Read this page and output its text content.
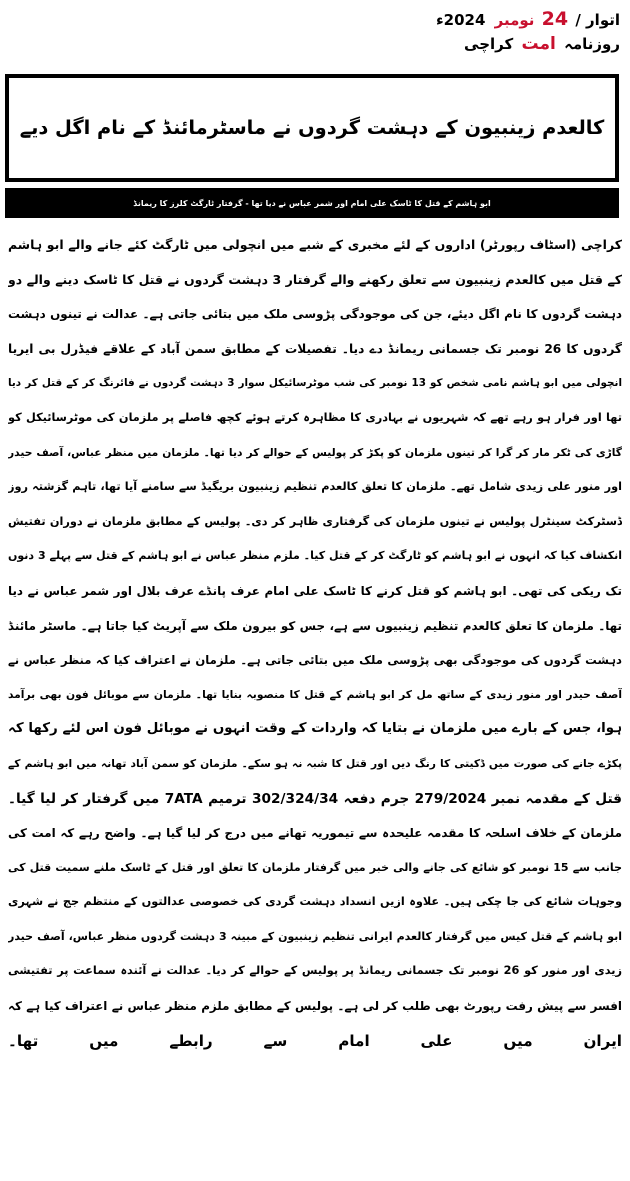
اتوار / 24 نومبر 2024ء
روزنامہ امت کراچی
کالعدم زینبیون کے دہشت گردوں نے ماسٹرمائنڈ کے نام اگل دیے
ابو ہاشم کے قتل کا ٹاسک علی امام اور شمر عباس نے دیا تھا - گرفتار ٹارگٹ کلرز کا ریمانڈ
کراچی (اسٹاف رپورٹر) اداروں کے لئے مخبری کے شبے میں انچولی میں ٹارگٹ کئے جانے والے ابو ہاشم
کے قتل میں کالعدم زینبیون سے تعلق رکھنے والے گرفتار 3 دہشت گردوں نے قتل کا ٹاسک دینے والے دو
دہشت گردوں کا نام اگل دیئے، جن کی موجودگی پڑوسی ملک میں بتائی جاتی ہے۔ عدالت نے تینوں دہشت
گردوں کا 26 نومبر تک جسمانی ریمانڈ دے دیا۔ تفصیلات کے مطابق سمن آباد کے علاقے فیڈرل بی ایریا
انچولی میں ابو ہاشم نامی شخص کو 13 نومبر کی شب موٹرسائیکل سوار 3 دہشت گردوں نے فائرنگ کر کے قتل کر دیا
تھا اور فرار ہو رہے تھے کہ شہریوں نے بہادری کا مظاہرہ کرتے ہوئے کچھ فاصلے پر ملزمان کی موٹرسائیکل کو
گاڑی کی ٹکر مار کر گرا کر تینوں ملزمان کو پکڑ کر پولیس کے حوالے کر دیا تھا۔ ملزمان میں منظر عباس، آصف حیدر
اور منور علی زیدی شامل تھے۔ ملزمان کا تعلق کالعدم تنظیم زینبیون بریگیڈ سے سامنے آیا تھا، تاہم گزشتہ روز
ڈسٹرکٹ سینٹرل پولیس نے تینوں ملزمان کی گرفتاری ظاہر کر دی۔ پولیس کے مطابق ملزمان نے دوران تفتیش
انکشاف کیا کہ انہوں نے ابو ہاشم کو ٹارگٹ کر کے قتل کیا۔ ملزم منظر عباس نے ابو ہاشم کے قتل سے پہلے 3 دنوں
تک ریکی کی تھی۔ ابو ہاشم کو قتل کرنے کا ٹاسک علی امام عرف پانڈے عرف بلال اور شمر عباس نے دیا
تھا۔ ملزمان کا تعلق کالعدم تنظیم زینبیوں سے ہے، جس کو بیرون ملک سے آپریٹ کیا جاتا ہے۔ ماسٹر مائنڈ
دہشت گردوں کی موجودگی بھی پڑوسی ملک میں بتائی جاتی ہے۔ ملزمان نے اعتراف کیا کہ منظر عباس نے
آصف حیدر اور منور زیدی کے ساتھ مل کر ابو ہاشم کے قتل کا منصوبہ بنایا تھا۔ ملزمان سے موبائل فون بھی برآمد
ہوا، جس کے بارے میں ملزمان نے بتایا کہ واردات کے وقت انہوں نے موبائل فون اس لئے رکھا کہ
پکڑے جانے کی صورت میں ڈکیتی کا رنگ دیں اور قتل کا شبہ نہ ہو سکے۔ ملزمان کو سمن آباد تھانہ میں ابو ہاشم کے
قتل کے مقدمہ نمبر 279/2024 جرم دفعہ 302/324/34 ترمیم 7ATA میں گرفتار کر لیا گیا۔
ملزمان کے خلاف اسلحہ کا مقدمہ علیحدہ سے تیموریہ تھانے میں درج کر لیا گیا ہے۔ واضح رہے کہ امت کی
جانب سے 15 نومبر کو شائع کی جانے والی خبر میں گرفتار ملزمان کا تعلق اور قتل کے ٹاسک ملنے سمیت قتل کی
وجوہات شائع کی جا چکی ہیں۔ علاوہ ازیں انسداد دہشت گردی کی خصوصی عدالتوں کے منتظم جج نے شہری
ابو ہاشم کے قتل کیس میں گرفتار کالعدم ایرانی تنظیم زینبیون کے مبینہ 3 دہشت گردوں منظر عباس، آصف حیدر
زیدی اور منور کو 26 نومبر تک جسمانی ریمانڈ پر پولیس کے حوالے کر دیا۔ عدالت نے آئندہ سماعت پر تفتیشی
افسر سے پیش رفت رپورٹ بھی طلب کر لی ہے۔ پولیس کے مطابق ملزم منظر عباس نے اعتراف کیا ہے کہ
ایران میں علی امام سے رابطے میں تھا۔
